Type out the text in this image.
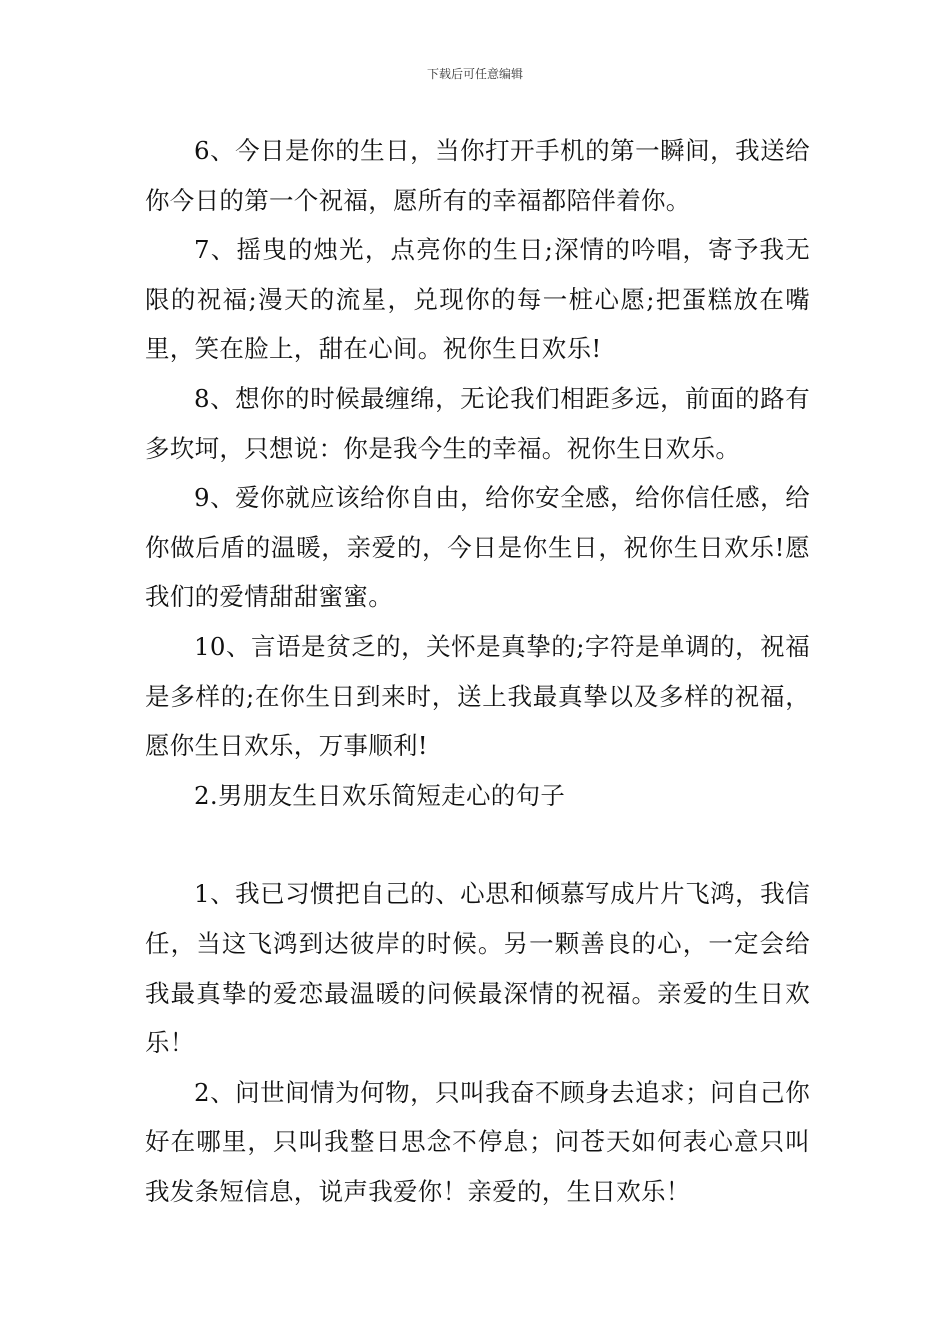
下载后可任意编辑

6、今日是你的生日，当你打开手机的第一瞬间，我送给你今日的第一个祝福，愿所有的幸福都陪伴着你。

7、摇曳的烛光，点亮你的生日;深情的吟唱，寄予我无限的祝福;漫天的流星，兑现你的每一桩心愿;把蛋糕放在嘴里，笑在脸上，甜在心间。祝你生日欢乐!

8、想你的时候最缠绵，无论我们相距多远，前面的路有多坎坷，只想说：你是我今生的幸福。祝你生日欢乐。

9、爱你就应该给你自由，给你安全感，给你信任感，给你做后盾的温暖，亲爱的，今日是你生日，祝你生日欢乐!愿我们的爱情甜甜蜜蜜。

10、言语是贫乏的，关怀是真挚的;字符是单调的，祝福是多样的;在你生日到来时，送上我最真挚以及多样的祝福，愿你生日欢乐，万事顺利!

2.男朋友生日欢乐简短走心的句子

1、我已习惯把自己的、心思和倾慕写成片片飞鸿，我信任，当这飞鸿到达彼岸的时候。另一颗善良的心，一定会给我最真挚的爱恋最温暖的问候最深情的祝福。亲爱的生日欢乐！

2、问世间情为何物，只叫我奋不顾身去追求；问自己你好在哪里，只叫我整日思念不停息；问苍天如何表心意只叫我发条短信息，说声我爱你！亲爱的，生日欢乐！
